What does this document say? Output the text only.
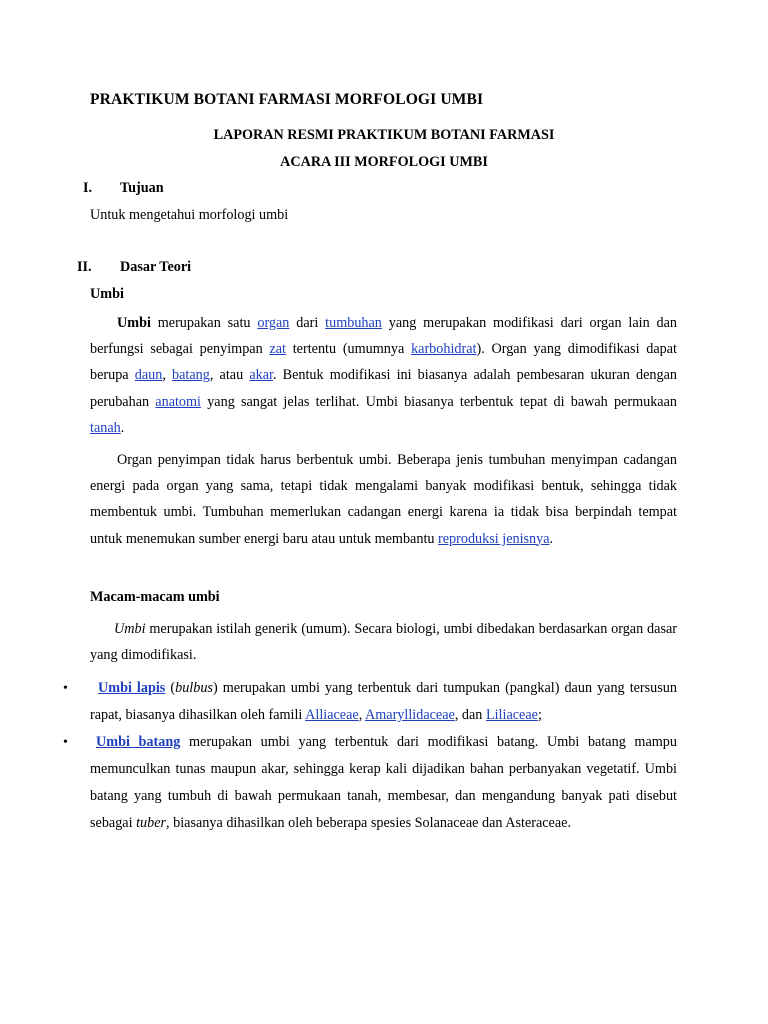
PRAKTIKUM BOTANI FARMASI MORFOLOGI UMBI
LAPORAN RESMI PRAKTIKUM BOTANI FARMASI
ACARA III MORFOLOGI UMBI
I. Tujuan
Untuk mengetahui morfologi umbi
II. Dasar Teori
Umbi

Umbi merupakan satu organ dari tumbuhan yang merupakan modifikasi dari organ lain dan berfungsi sebagai penyimpan zat tertentu (umumnya karbohidrat). Organ yang dimodifikasi dapat berupa daun, batang, atau akar. Bentuk modifikasi ini biasanya adalah pembesaran ukuran dengan perubahan anatomi yang sangat jelas terlihat. Umbi biasanya terbentuk tepat di bawah permukaan tanah.

Organ penyimpan tidak harus berbentuk umbi. Beberapa jenis tumbuhan menyimpan cadangan energi pada organ yang sama, tetapi tidak mengalami banyak modifikasi bentuk, sehingga tidak membentuk umbi. Tumbuhan memerlukan cadangan energi karena ia tidak bisa berpindah tempat untuk menemukan sumber energi baru atau untuk membantu reproduksi jenisnya.

Macam-macam umbi

Umbi merupakan istilah generik (umum). Secara biologi, umbi dibedakan berdasarkan organ dasar yang dimodifikasi.

•	Umbi lapis (bulbus) merupakan umbi yang terbentuk dari tumpukan (pangkal) daun yang tersusun rapat, biasanya dihasilkan oleh famili Alliaceae, Amaryllidaceae, dan Liliaceae;

•	Umbi batang merupakan umbi yang terbentuk dari modifikasi batang. Umbi batang mampu memunculkan tunas maupun akar, sehingga kerap kali dijadikan bahan perbanyakan vegetatif. Umbi batang yang tumbuh di bawah permukaan tanah, membesar, dan mengandung banyak pati disebut sebagai tuber, biasanya dihasilkan oleh beberapa spesies Solanaceae dan Asteraceae.
